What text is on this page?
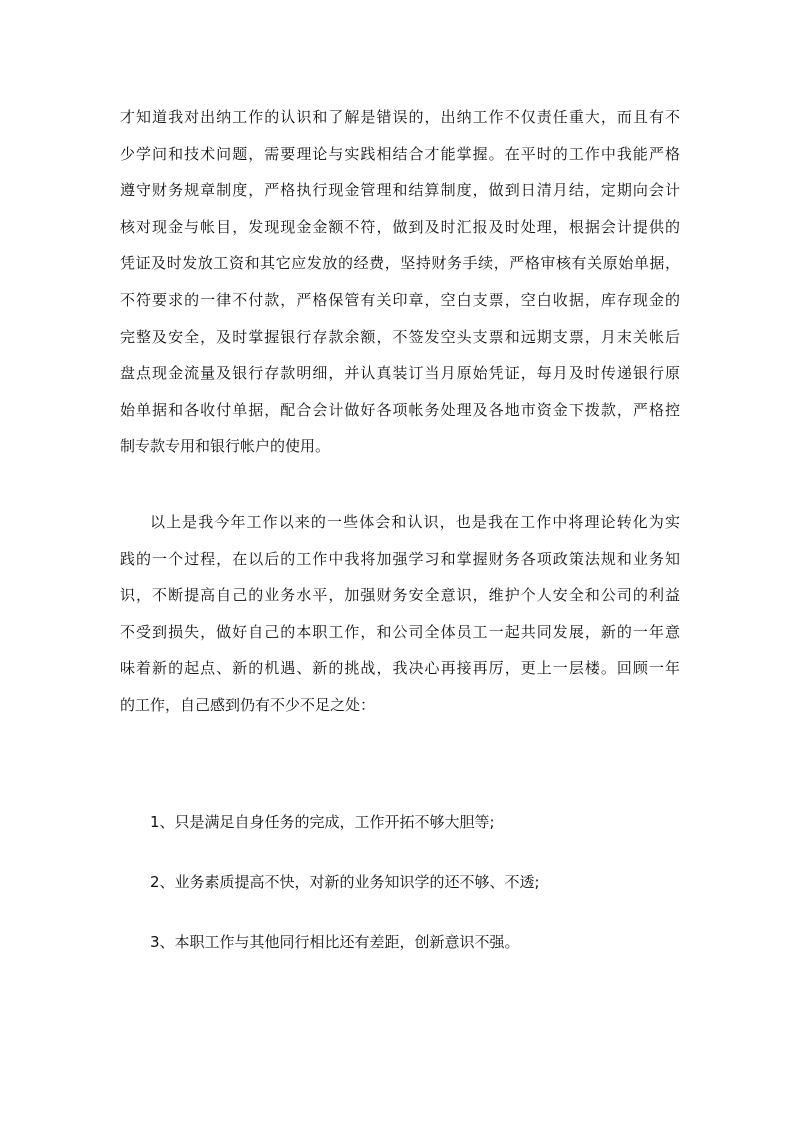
才知道我对出纳工作的认识和了解是错误的，出纳工作不仅责任重大，而且有不
少学问和技术问题，需要理论与实践相结合才能掌握。在平时的工作中我能严格
遵守财务规章制度，严格执行现金管理和结算制度，做到日清月结，定期向会计
核对现金与帐目，发现现金金额不符，做到及时汇报及时处理，根据会计提供的
凭证及时发放工资和其它应发放的经费，坚持财务手续，严格审核有关原始单据，
不符要求的一律不付款，严格保管有关印章，空白支票，空白收据，库存现金的
完整及安全，及时掌握银行存款余额，不签发空头支票和远期支票，月末关帐后
盘点现金流量及银行存款明细，并认真装订当月原始凭证，每月及时传递银行原
始单据和各收付单据，配合会计做好各项帐务处理及各地市资金下拨款，严格控
制专款专用和银行帐户的使用。
以上是我今年工作以来的一些体会和认识，也是我在工作中将理论转化为实
践的一个过程，在以后的工作中我将加强学习和掌握财务各项政策法规和业务知
识，不断提高自己的业务水平，加强财务安全意识，维护个人安全和公司的利益
不受到损失，做好自己的本职工作，和公司全体员工一起共同发展，新的一年意
味着新的起点、新的机遇、新的挑战，我决心再接再厉，更上一层楼。回顾一年
的工作，自己感到仍有不少不足之处：
1、只是满足自身任务的完成，工作开拓不够大胆等;
2、业务素质提高不快，对新的业务知识学的还不够、不透;
3、本职工作与其他同行相比还有差距，创新意识不强。
